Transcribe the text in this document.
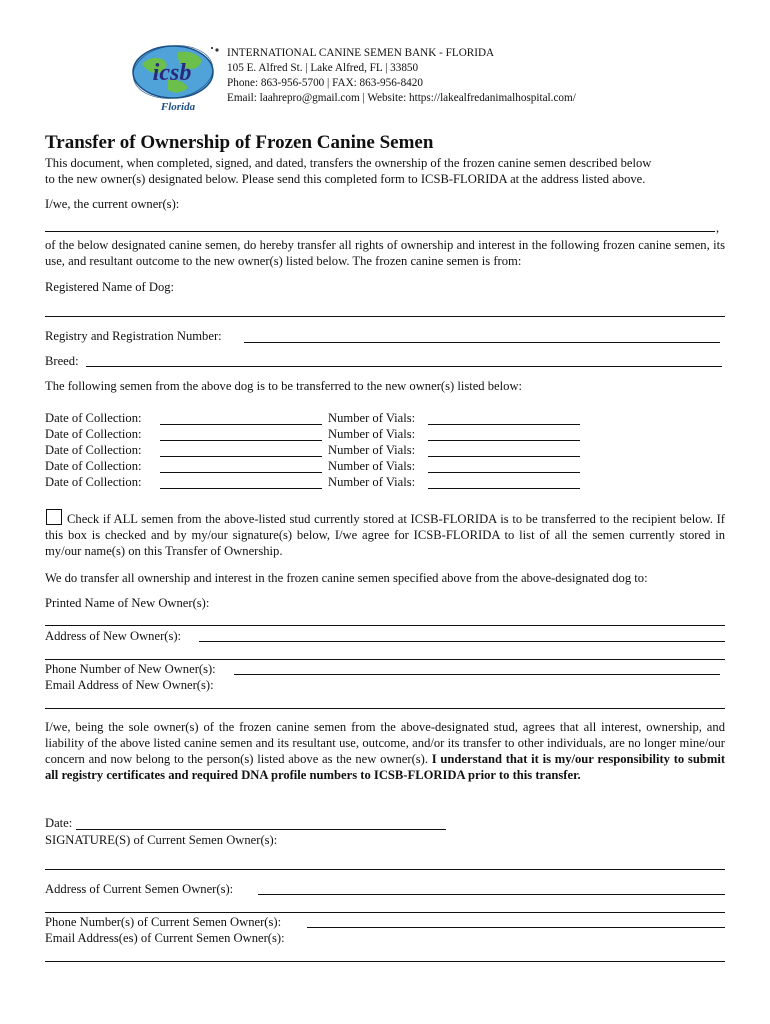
icsb
Florida
INTERNATIONAL CANINE SEMEN BANK - FLORIDA
105 E. Alfred St. | Lake Alfred, FL | 33850
Phone: 863-956-5700 | FAX: 863-956-8420
Email: laahrepro@gmail.com | Website: https://lakealfredanimalhospital.com/
Transfer of Ownership of Frozen Canine Semen
This document, when completed, signed, and dated, transfers the ownership of the frozen canine semen described below
to the new owner(s) designated below. Please send this completed form to ICSB-FLORIDA at the address listed above.
I/we, the current owner(s):
,
of the below designated canine semen, do hereby transfer all rights of ownership and interest in the following frozen canine semen, its use, and resultant outcome to the new owner(s) listed below. The frozen canine semen is from:
Registered Name of Dog:
Registry and Registration Number:
Breed:
The following semen from the above dog is to be transferred to the new owner(s) listed below:
Date of Collection:	Number of Vials:
Date of Collection:	Number of Vials:
Date of Collection:	Number of Vials:
Date of Collection:	Number of Vials:
Date of Collection:	Number of Vials:
Check if ALL semen from the above-listed stud currently stored at ICSB-FLORIDA is to be transferred to the recipient below. If this box is checked and by my/our signature(s) below, I/we agree for ICSB-FLORIDA to list of all the semen currently stored in my/our name(s) on this Transfer of Ownership.
We do transfer all ownership and interest in the frozen canine semen specified above from the above-designated dog to:
Printed Name of New Owner(s):
Address of New Owner(s):
Phone Number of New Owner(s):
Email Address of New Owner(s):
I/we, being the sole owner(s) of the frozen canine semen from the above-designated stud, agrees that all interest, ownership, and liability of the above listed canine semen and its resultant use, outcome, and/or its transfer to other individuals, are no longer mine/our concern and now belong to the person(s) listed above as the new owner(s). I understand that it is my/our responsibility to submit all registry certificates and required DNA profile numbers to ICSB-FLORIDA prior to this transfer.
Date:
SIGNATURE(S) of Current Semen Owner(s):
Address of Current Semen Owner(s):
Phone Number(s) of Current Semen Owner(s):
Email Address(es) of Current Semen Owner(s):
